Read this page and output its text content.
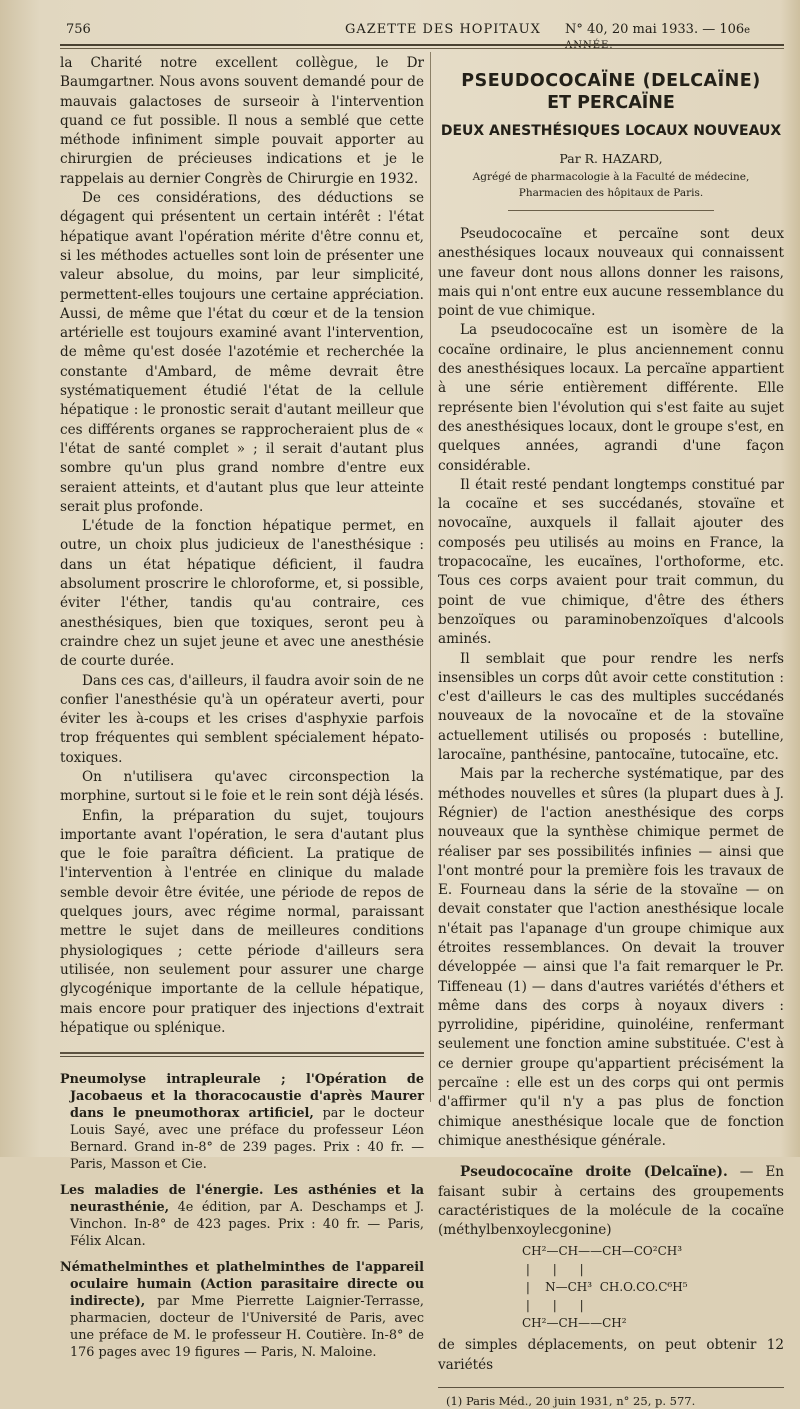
756	GAZETTE DES HOPITAUX N° 40, 20 mai 1933. — 106e ANNÉE.

la Charité notre excellent collègue, le Dr Baumgartner. Nous avons souvent demandé pour de mauvais galactoses de surseoir à l'intervention quand ce fut possible. Il nous a semblé que cette méthode infiniment simple pouvait apporter au chirurgien de précieuses indications et je le rappelais au dernier Congrès de Chirurgie en 1932.

De ces considérations, des déductions se dégagent qui présentent un certain intérêt : l'état hépatique avant l'opération mérite d'être connu et, si les méthodes actuelles sont loin de présenter une valeur absolue, du moins, par leur simplicité, permettent-elles toujours une certaine appréciation. Aussi, de même que l'état du cœur et de la tension artérielle est toujours examiné avant l'intervention, de même qu'est dosée l'azotémie et recherchée la constante d'Ambard, de même devrait être systématiquement étudié l'état de la cellule hépatique : le pronostic serait d'autant meilleur que ces différents organes se rapprocheraient plus de « l'état de santé complet » ; il serait d'autant plus sombre qu'un plus grand nombre d'entre eux seraient atteints, et d'autant plus que leur atteinte serait plus profonde.

L'étude de la fonction hépatique permet, en outre, un choix plus judicieux de l'anesthésique : dans un état hépatique déficient, il faudra absolument proscrire le chloroforme, et, si possible, éviter l'éther, tandis qu'au contraire, ces anesthésiques, bien que toxiques, seront peu à craindre chez un sujet jeune et avec une anesthésie de courte durée.

Dans ces cas, d'ailleurs, il faudra avoir soin de ne confier l'anesthésie qu'à un opérateur averti, pour éviter les à-coups et les crises d'asphyxie parfois trop fréquentes qui semblent spécialement hépato-toxiques.

On n'utilisera qu'avec circonspection la morphine, surtout si le foie et le rein sont déjà lésés.

Enfin, la préparation du sujet, toujours importante avant l'opération, le sera d'autant plus que le foie paraîtra déficient. La pratique de l'intervention à l'entrée en clinique du malade semble devoir être évitée, une période de repos de quelques jours, avec régime normal, paraissant mettre le sujet dans de meilleures conditions physiologiques ; cette période d'ailleurs sera utilisée, non seulement pour assurer une charge glycogénique importante de la cellule hépatique, mais encore pour pratiquer des injections d'extrait hépatique ou splénique.

Pneumolyse intrapleurale ; l'Opération de Jacobaeus et la thoracocaustie d'après Maurer dans le pneumothorax artificiel, par le docteur Louis Sayé, avec une préface du professeur Léon Bernard. Grand in-8° de 239 pages. Prix : 40 fr. — Paris, Masson et Cie.
Les maladies de l'énergie. Les asthénies et la neurasthénie, 4e édition, par A. Deschamps et J. Vinchon. In-8° de 423 pages. Prix : 40 fr. — Paris, Félix Alcan.
Némathelminthes et plathelminthes de l'appareil oculaire humain (Action parasitaire directe ou indirecte), par Mme Pierrette Laignier-Terrasse, pharmacien, docteur de l'Université de Paris, avec une préface de M. le professeur H. Coutière. In-8° de 176 pages avec 19 figures — Paris, N. Maloine.
PSEUDOCOCAÏNE (DELCAÏNE)
ET PERCAÏNE
DEUX ANESTHÉSIQUES LOCAUX NOUVEAUX
Par R. HAZARD,
Agrégé de pharmacologie à la Faculté de médecine,
Pharmacien des hôpitaux de Paris.

Pseudococaïne et percaïne sont deux anesthésiques locaux nouveaux qui connaissent une faveur dont nous allons donner les raisons, mais qui n'ont entre eux aucune ressemblance du point de vue chimique.

La pseudococaïne est un isomère de la cocaïne ordinaire, le plus anciennement connu des anesthésiques locaux. La percaïne appartient à une série entièrement différente. Elle représente bien l'évolution qui s'est faite au sujet des anesthésiques locaux, dont le groupe s'est, en quelques années, agrandi d'une façon considérable.

Il était resté pendant longtemps constitué par la cocaïne et ses succédanés, stovaïne et novocaïne, auxquels il fallait ajouter des composés peu utilisés au moins en France, la tropacocaïne, les eucaïnes, l'orthoforme, etc. Tous ces corps avaient pour trait commun, du point de vue chimique, d'être des éthers benzoïques ou paraminobenzoïques d'alcools aminés.

Il semblait que pour rendre les nerfs insensibles un corps dût avoir cette constitution : c'est d'ailleurs le cas des multiples succédanés nouveaux de la novocaïne et de la stovaïne actuellement utilisés ou proposés : butelline, larocaïne, panthésine, pantocaïne, tutocaïne, etc.

Mais par la recherche systématique, par des méthodes nouvelles et sûres (la plupart dues à J. Régnier) de l'action anesthésique des corps nouveaux que la synthèse chimique permet de réaliser par ses possibilités infinies — ainsi que l'ont montré pour la première fois les travaux de E. Fourneau dans la série de la stovaïne — on devait constater que l'action anesthésique locale n'était pas l'apanage d'un groupe chimique aux étroites ressemblances. On devait la trouver développée — ainsi que l'a fait remarquer le Pr. Tiffeneau (1) — dans d'autres variétés d'éthers et même dans des corps à noyaux divers : pyrrolidine, pipéridine, quinoléine, renfermant seulement une fonction amine substituée. C'est à ce dernier groupe qu'appartient précisément la percaïne : elle est un des corps qui ont permis d'affirmer qu'il n'y a pas plus de fonction chimique anesthésique locale que de fonction chimique anesthésique générale.

Pseudococaïne droite (Delcaïne). — En faisant subir à certains des groupements caractéristiques de la molécule de la cocaïne (méthylbenxoylecgonine)

CH²—CH——CH—CO²CH³
|      |      |
|    N—CH³  CH.O.CO.C⁶H⁵
|      |      |
CH²—CH——CH²

de simples déplacements, on peut obtenir 12 variétés

(1) Paris Méd., 20 juin 1931, n° 25, p. 577.
